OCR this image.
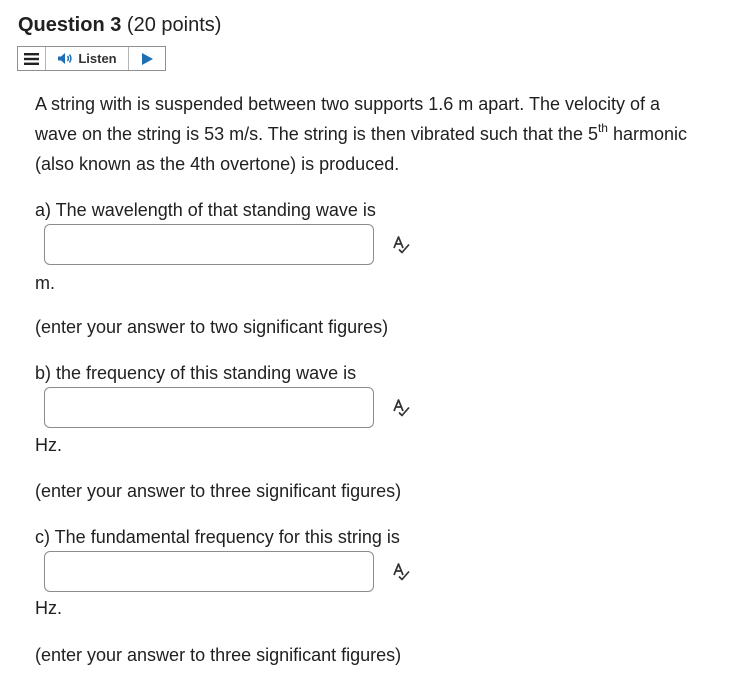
Question 3 (20 points)
Listen
A string with is suspended between two supports 1.6 m apart. The velocity of a
wave on the string is 53 m/s. The string is then vibrated such that the 5th harmonic
(also known as the 4th overtone) is produced.
a) The wavelength of that standing wave is
m.
(enter your answer to two significant figures)
b) the frequency of this standing wave is
Hz.
(enter your answer to three significant figures)
c) The fundamental frequency for this string is
Hz.
(enter your answer to three significant figures)
